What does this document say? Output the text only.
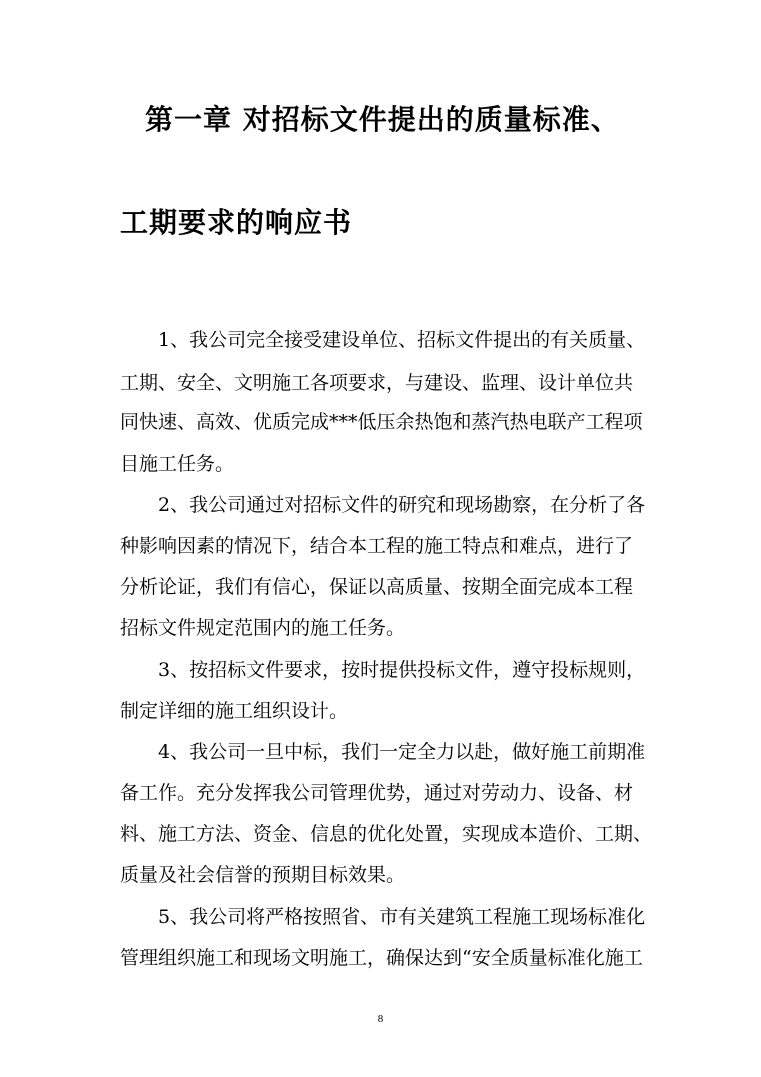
第一章 对招标文件提出的质量标准、
工期要求的响应书
1、我公司完全接受建设单位、招标文件提出的有关质量、
工期、安全、文明施工各项要求，与建设、监理、设计单位共
同快速、高效、优质完成***低压余热饱和蒸汽热电联产工程项
目施工任务。
2、我公司通过对招标文件的研究和现场勘察，在分析了各
种影响因素的情况下，结合本工程的施工特点和难点，进行了
分析论证，我们有信心，保证以高质量、按期全面完成本工程
招标文件规定范围内的施工任务。
3、按招标文件要求，按时提供投标文件，遵守投标规则，
制定详细的施工组织设计。
4、我公司一旦中标，我们一定全力以赴，做好施工前期准
备工作。充分发挥我公司管理优势，通过对劳动力、设备、材
料、施工方法、资金、信息的优化处置，实现成本造价、工期、
质量及社会信誉的预期目标效果。
5、我公司将严格按照省、市有关建筑工程施工现场标准化
管理组织施工和现场文明施工，确保达到“安全质量标准化施工
8
